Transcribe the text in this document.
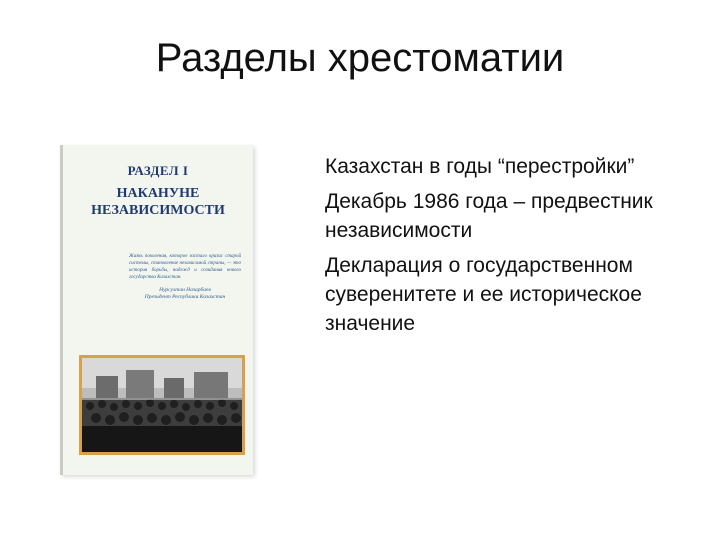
Разделы хрестоматии
РАЗДЕЛ I
НАКАНУНЕ
НЕЗАВИСИМОСТИ
Жизнь поколения, которое застало кризис старой системы, становление независимой страны, — это история борьбы, надежд и созидания нового государства Казахстан.
Нурсултан Назарбаев
Президент Республики Казахстан
Казахстан в годы “перестройки”
Декабрь 1986 года – предвестник независимости
Декларация о государственном суверенитете и ее историческое значение
